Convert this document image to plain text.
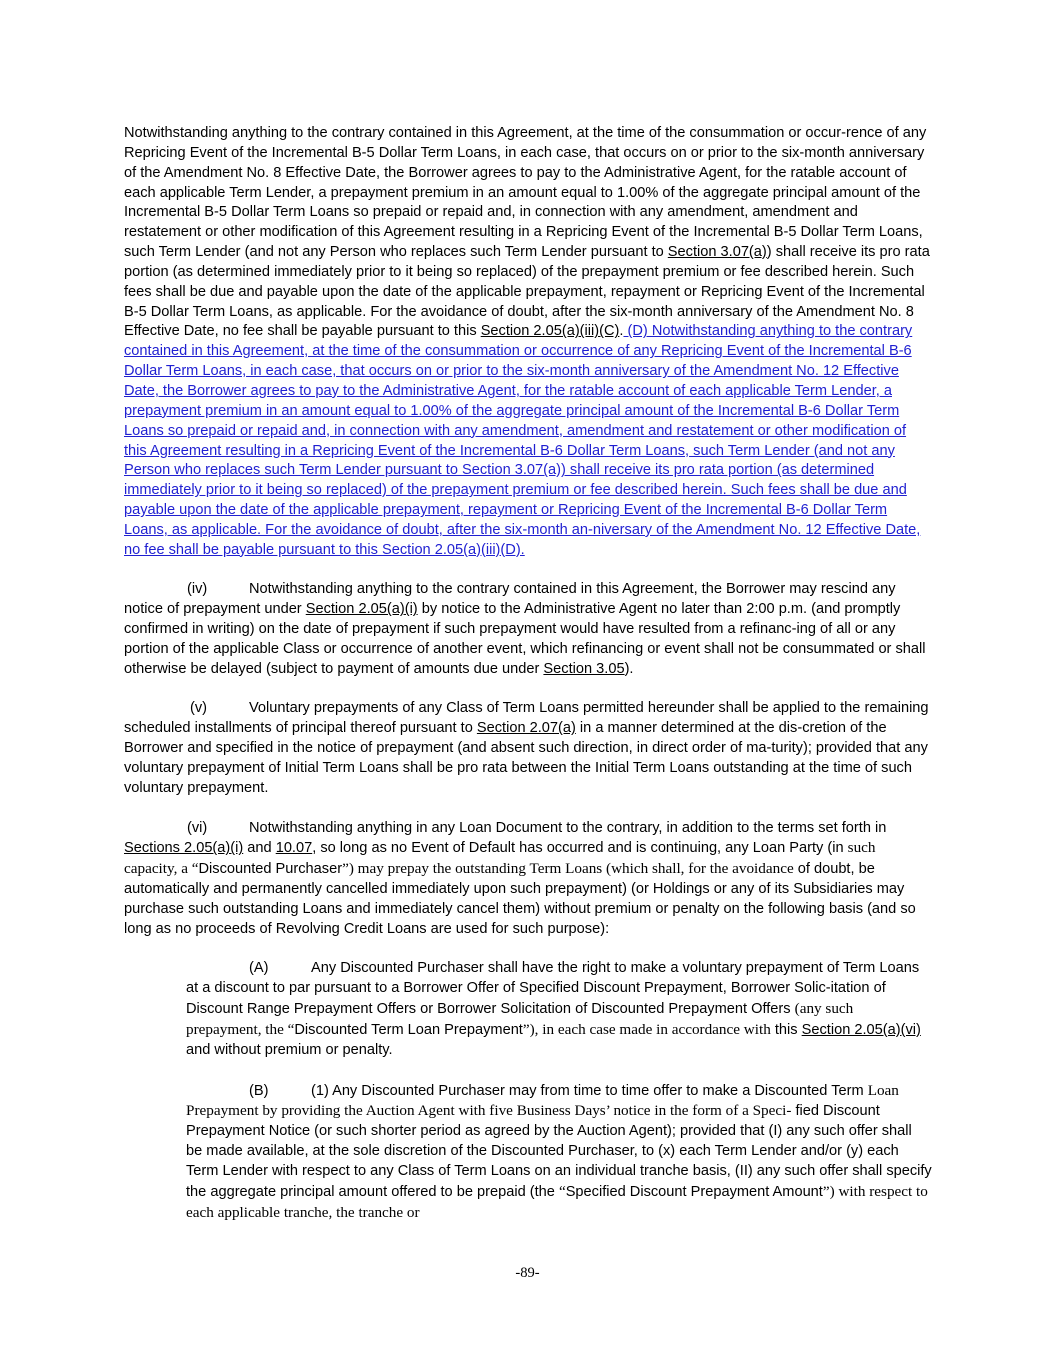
Notwithstanding anything to the contrary contained in this Agreement, at the time of the consummation or occur-rence of any Repricing Event of the Incremental B-5 Dollar Term Loans, in each case, that occurs on or prior to the six-month anniversary of the Amendment No. 8 Effective Date, the Borrower agrees to pay to the Administrative Agent, for the ratable account of each applicable Term Lender, a prepayment premium in an amount equal to 1.00% of the aggregate principal amount of the Incremental B-5 Dollar Term Loans so prepaid or repaid and, in connection with any amendment, amendment and restatement or other modification of this Agreement resulting in a Repricing Event of the Incremental B-5 Dollar Term Loans, such Term Lender (and not any Person who replaces such Term Lender pursuant to Section 3.07(a)) shall receive its pro rata portion (as determined immediately prior to it being so replaced) of the prepayment premium or fee described herein. Such fees shall be due and payable upon the date of the applicable prepayment, repayment or Repricing Event of the Incremental B-5 Dollar Term Loans, as applicable. For the avoidance of doubt, after the six-month anniversary of the Amendment No. 8 Effective Date, no fee shall be payable pursuant to this Section 2.05(a)(iii)(C). (D) Notwithstanding anything to the contrary contained in this Agreement, at the time of the consummation or occurrence of any Repricing Event of the Incremental B-6 Dollar Term Loans, in each case, that occurs on or prior to the six-month anniversary of the Amendment No. 12 Effective Date, the Borrower agrees to pay to the Administrative Agent, for the ratable account of each applicable Term Lender, a prepayment premium in an amount equal to 1.00% of the aggregate principal amount of the Incremental B-6 Dollar Term Loans so prepaid or repaid and, in connection with any amendment, amendment and restatement or other modification of this Agreement resulting in a Repricing Event of the Incremental B-6 Dollar Term Loans, such Term Lender (and not any Person who replaces such Term Lender pursuant to Section 3.07(a)) shall receive its pro rata portion (as determined immediately prior to it being so replaced) of the prepayment premium or fee described herein. Such fees shall be due and payable upon the date of the applicable prepayment, repayment or Repricing Event of the Incremental B-6 Dollar Term Loans, as applicable. For the avoidance of doubt, after the six-month an-niversary of the Amendment No. 12 Effective Date, no fee shall be payable pursuant to this Section 2.05(a)(iii)(D).

(iv)	Notwithstanding anything to the contrary contained in this Agreement, the Borrower may rescind any notice of prepayment under Section 2.05(a)(i) by notice to the Administrative Agent no later than 2:00 p.m. (and promptly confirmed in writing) on the date of prepayment if such prepayment would have resulted from a refinanc-ing of all or any portion of the applicable Class or occurrence of another event, which refinancing or event shall not be consummated or shall otherwise be delayed (subject to payment of amounts due under Section 3.05).

(v)	Voluntary prepayments of any Class of Term Loans permitted hereunder shall be applied to the remaining scheduled installments of principal thereof pursuant to Section 2.07(a) in a manner determined at the dis-cretion of the Borrower and specified in the notice of prepayment (and absent such direction, in direct order of ma-turity); provided that any voluntary prepayment of Initial Term Loans shall be pro rata between the Initial Term Loans outstanding at the time of such voluntary prepayment.

(vi)	Notwithstanding anything in any Loan Document to the contrary, in addition to the terms set forth in Sections 2.05(a)(i) and 10.07, so long as no Event of Default has occurred and is continuing, any Loan Party (in such capacity, a “Discounted Purchaser”) may prepay the outstanding Term Loans (which shall, for the avoidance of doubt, be automatically and permanently cancelled immediately upon such prepayment) (or Holdings or any of its Subsidiaries may purchase such outstanding Loans and immediately cancel them) without premium or penalty on the following basis (and so long as no proceeds of Revolving Credit Loans are used for such purpose):

(A)	Any Discounted Purchaser shall have the right to make a voluntary prepayment of Term Loans at a discount to par pursuant to a Borrower Offer of Specified Discount Prepayment, Borrower Solic-itation of Discount Range Prepayment Offers or Borrower Solicitation of Discounted Prepayment Offers (any such prepayment, the “Discounted Term Loan Prepayment”), in each case made in accordance with this Section 2.05(a)(vi) and without premium or penalty.

(B)	(1) Any Discounted Purchaser may from time to time offer to make a Discounted Term Loan Prepayment by providing the Auction Agent with five Business Days’ notice in the form of a Speci- fied Discount Prepayment Notice (or such shorter period as agreed by the Auction Agent); provided that (I) any such offer shall be made available, at the sole discretion of the Discounted Purchaser, to (x) each Term Lender and/or (y) each Term Lender with respect to any Class of Term Loans on an individual tranche basis, (II) any such offer shall specify the aggregate principal amount offered to be prepaid (the “Specified Discount Prepayment Amount”) with respect to each applicable tranche, the tranche or

-89-
